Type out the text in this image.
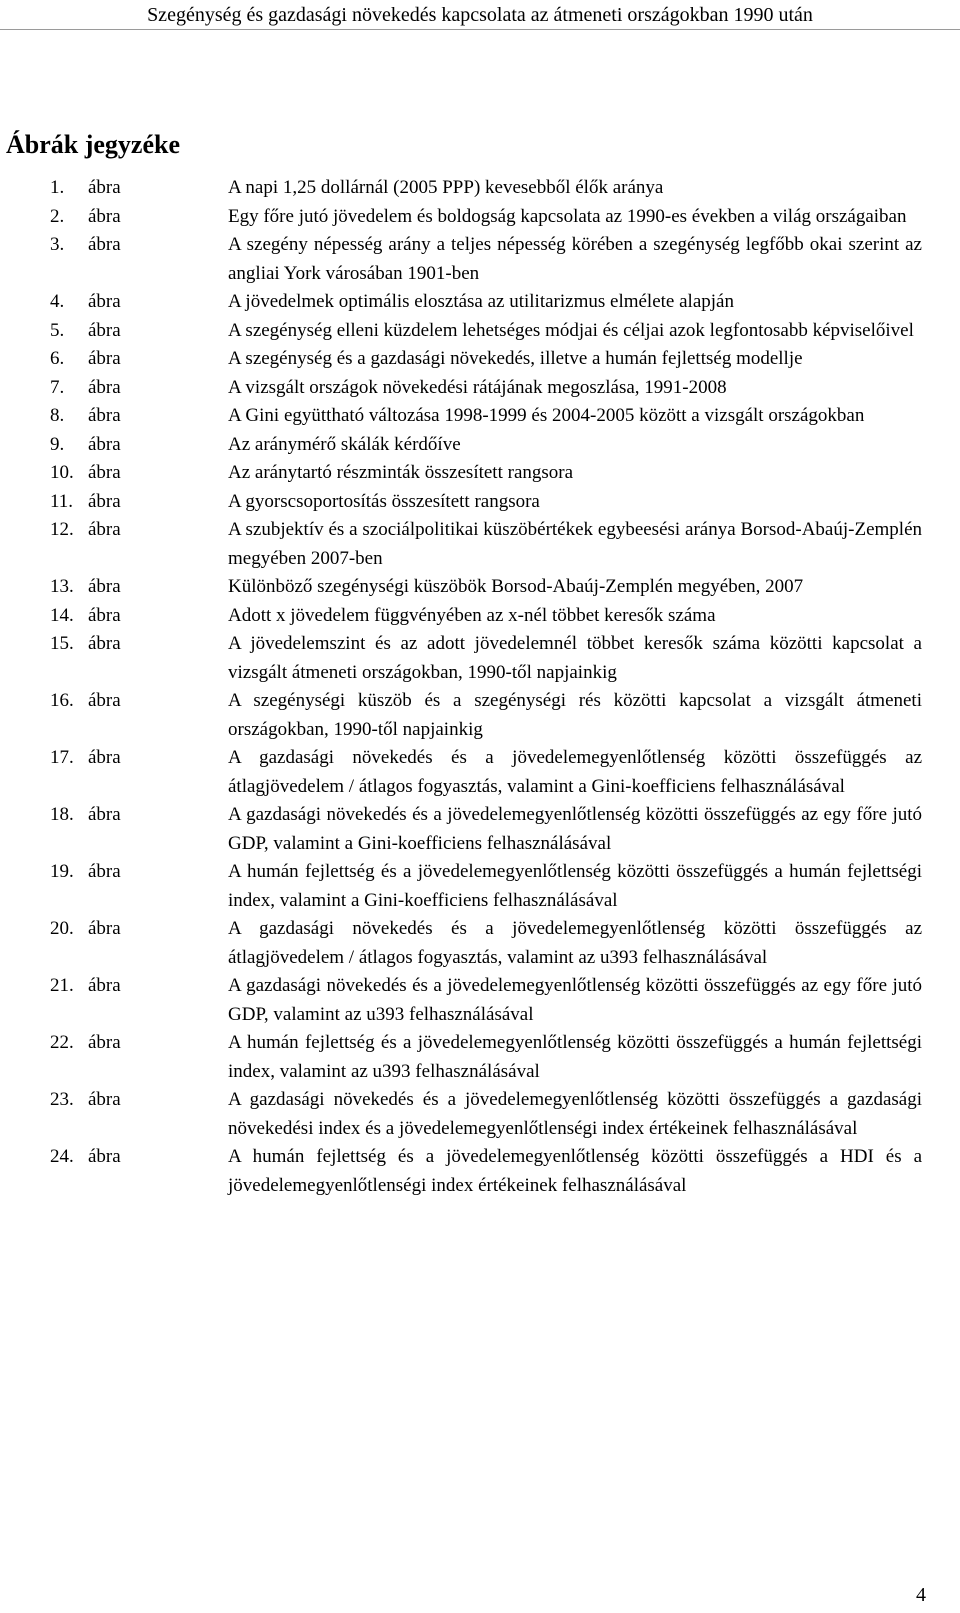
Szegénység és gazdasági növekedés kapcsolata az átmeneti országokban 1990 után
Ábrák jegyzéke
1.	ábra	A napi 1,25 dollárnál (2005 PPP) kevesebből élők aránya
2.	ábra	Egy főre jutó jövedelem és boldogság kapcsolata az 1990-es években a világ országaiban
3.	ábra	A szegény népesség arány a teljes népesség körében a szegénység legfőbb okai szerint az angliai York városában 1901-ben
4.	ábra	A jövedelmek optimális elosztása az utilitarizmus elmélete alapján
5.	ábra	A szegénység elleni küzdelem lehetséges módjai és céljai azok legfontosabb képviselőivel
6.	ábra	A szegénység és a gazdasági növekedés, illetve a humán fejlettség modellje
7.	ábra	A vizsgált országok növekedési rátájának megoszlása, 1991-2008
8.	ábra	A Gini együttható változása 1998-1999 és 2004-2005 között a vizsgált országokban
9.	ábra	Az aránymérő skálák kérdőíve
10. ábra	Az aránytartó részminták összesített rangsora
11. ábra	A gyorscsoportosítás összesített rangsora
12. ábra	A szubjektív és a szociálpolitikai küszöbértékek egybeesési aránya Borsod-Abaúj-Zemplén megyében 2007-ben
13. ábra	Különböző szegénységi küszöbök Borsod-Abaúj-Zemplén megyében, 2007
14. ábra	Adott x jövedelem függvényében az x-nél többet keresők száma
15. ábra	A jövedelemszint és az adott jövedelemnél többet keresők száma közötti kapcsolat a vizsgált átmeneti országokban, 1990-től napjainkig
16. ábra	A szegénységi küszöb és a szegénységi rés közötti kapcsolat a vizsgált átmeneti országokban, 1990-től napjainkig
17. ábra	A gazdasági növekedés és a jövedelemegyenlőtlenség közötti összefüggés az átlagjövedelem / átlagos fogyasztás, valamint a Gini-koefficiens felhasználásával
18. ábra	A gazdasági növekedés és a jövedelemegyenlőtlenség közötti összefüggés az egy főre jutó GDP, valamint a Gini-koefficiens felhasználásával
19. ábra	A humán fejlettség és a jövedelemegyenlőtlenség közötti összefüggés a humán fejlettségi index, valamint a Gini-koefficiens felhasználásával
20. ábra	A gazdasági növekedés és a jövedelemegyenlőtlenség közötti összefüggés az átlagjövedelem / átlagos fogyasztás, valamint az u393 felhasználásával
21. ábra	A gazdasági növekedés és a jövedelemegyenlőtlenség közötti összefüggés az egy főre jutó GDP, valamint az u393 felhasználásával
22. ábra	A humán fejlettség és a jövedelemegyenlőtlenség közötti összefüggés a humán fejlettségi index, valamint az u393 felhasználásával
23. ábra	A gazdasági növekedés és a jövedelemegyenlőtlenség közötti összefüggés a gazdasági növekedési index és a jövedelemegyenlőtlenségi index értékeinek felhasználásával
24. ábra	A humán fejlettség és a jövedelemegyenlőtlenség közötti összefüggés a HDI és a jövedelemegyenlőtlenségi index értékeinek felhasználásával
4
